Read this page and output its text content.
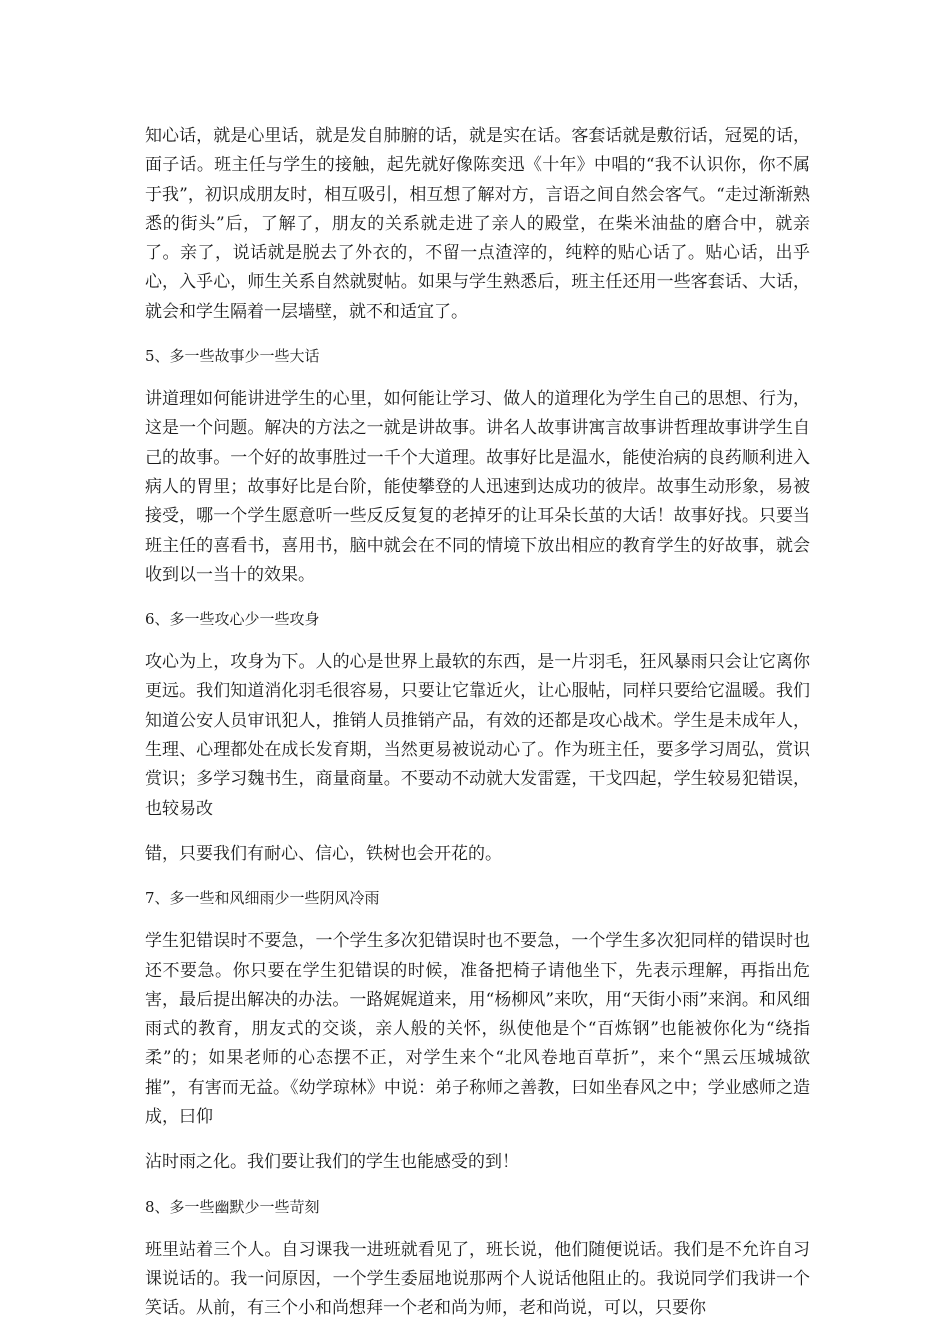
知心话，就是心里话，就是发自肺腑的话，就是实在话。客套话就是敷衍话，冠冕的话，面子话。班主任与学生的接触，起先就好像陈奕迅《十年》中唱的“我不认识你，你不属于我”，初识成朋友时，相互吸引，相互想了解对方，言语之间自然会客气。“走过渐渐熟悉的街头”后，了解了，朋友的关系就走进了亲人的殿堂，在柴米油盐的磨合中，就亲了。亲了，说话就是脱去了外衣的，不留一点渣滓的，纯粹的贴心话了。贴心话，出乎心，入乎心，师生关系自然就熨帖。如果与学生熟悉后，班主任还用一些客套话、大话，就会和学生隔着一层墙壁，就不和适宜了。

5、多一些故事少一些大话

讲道理如何能讲进学生的心里，如何能让学习、做人的道理化为学生自己的思想、行为，这是一个问题。解决的方法之一就是讲故事。讲名人故事讲寓言故事讲哲理故事讲学生自己的故事。一个好的故事胜过一千个大道理。故事好比是温水，能使治病的良药顺利进入病人的胃里；故事好比是台阶，能使攀登的人迅速到达成功的彼岸。故事生动形象，易被接受，哪一个学生愿意听一些反反复复的老掉牙的让耳朵长茧的大话！故事好找。只要当班主任的喜看书，喜用书，脑中就会在不同的情境下放出相应的教育学生的好故事，就会收到以一当十的效果。

6、多一些攻心少一些攻身

攻心为上，攻身为下。人的心是世界上最软的东西，是一片羽毛，狂风暴雨只会让它离你更远。我们知道消化羽毛很容易，只要让它靠近火，让心服帖，同样只要给它温暖。我们知道公安人员审讯犯人，推销人员推销产品，有效的还都是攻心战术。学生是未成年人，生理、心理都处在成长发育期，当然更易被说动心了。作为班主任，要多学习周弘，赏识赏识；多学习魏书生，商量商量。不要动不动就大发雷霆，干戈四起，学生较易犯错误，也较易改

错，只要我们有耐心、信心，铁树也会开花的。

7、多一些和风细雨少一些阴风冷雨

学生犯错误时不要急，一个学生多次犯错误时也不要急，一个学生多次犯同样的错误时也还不要急。你只要在学生犯错误的时候，准备把椅子请他坐下，先表示理解，再指出危害，最后提出解决的办法。一路娓娓道来，用“杨柳风”来吹，用“天街小雨”来润。和风细雨式的教育，朋友式的交谈，亲人般的关怀，纵使他是个“百炼钢”也能被你化为“绕指柔”的；如果老师的心态摆不正，对学生来个“北风卷地百草折”，来个“黑云压城城欲摧”，有害而无益。《幼学琼林》中说：弟子称师之善教，曰如坐春风之中；学业感师之造成，曰仰

沾时雨之化。我们要让我们的学生也能感受的到！

8、多一些幽默少一些苛刻

班里站着三个人。自习课我一进班就看见了，班长说，他们随便说话。我们是不允许自习课说话的。我一问原因，一个学生委屈地说那两个人说话他阻止的。我说同学们我讲一个笑话。从前，有三个小和尚想拜一个老和尚为师，老和尚说，可以，只要你
